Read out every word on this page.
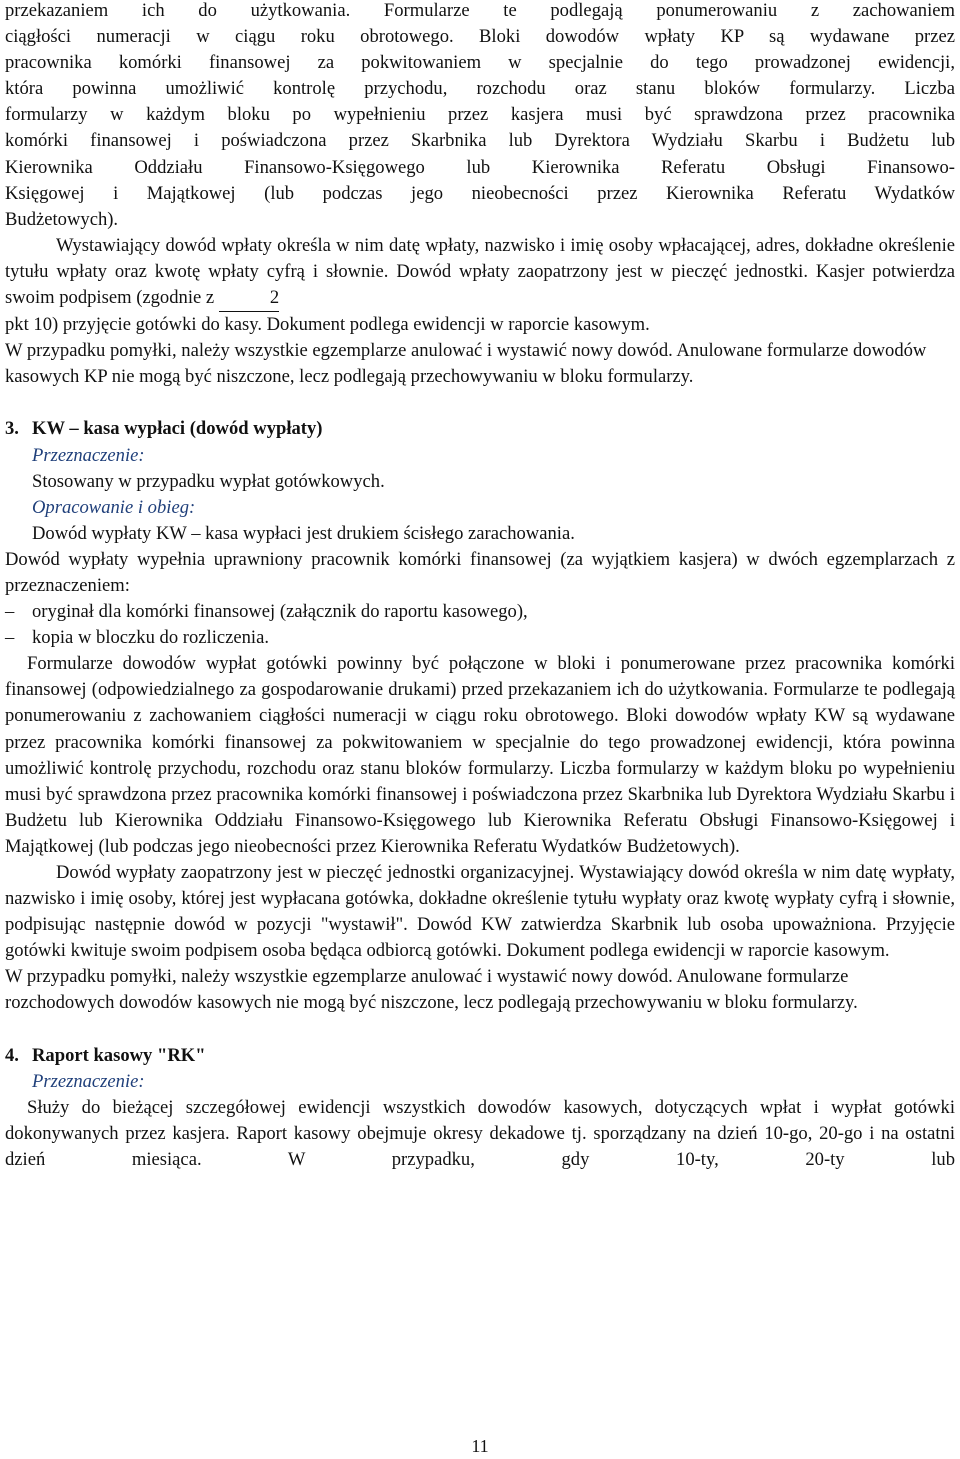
przekazaniem ich do użytkowania. Formularze te podlegają ponumerowaniu z zachowaniem
ciągłości numeracji w ciągu roku obrotowego. Bloki dowodów wpłaty KP są wydawane przez
pracownika komórki finansowej za pokwitowaniem w specjalnie do tego prowadzonej ewidencji,
która powinna umożliwić kontrolę przychodu, rozchodu oraz stanu bloków formularzy. Liczba
formularzy w każdym bloku po wypełnieniu przez kasjera musi być sprawdzona przez pracownika
komórki finansowej i poświadczona przez Skarbnika lub Dyrektora Wydziału Skarbu i Budżetu lub
Kierownika Oddziału Finansowo-Księgowego lub Kierownika Referatu Obsługi Finansowo-
Księgowej i Majątkowej (lub podczas jego nieobecności przez Kierownika Referatu Wydatków
Budżetowych).

Wystawiający dowód wpłaty określa w nim datę wpłaty, nazwisko i imię osoby wpłacającej, adres, dokładne określenie tytułu wpłaty oraz kwotę wpłaty cyfrą i słownie. Dowód wpłaty zaopatrzony jest w pieczęć jednostki. Kasjer potwierdza swoim podpisem (zgodnie z	2
pkt 10) przyjęcie gotówki do kasy. Dokument podlega ewidencji w raporcie kasowym.

W przypadku pomyłki, należy wszystkie egzemplarze anulować i wystawić nowy dowód. Anulowane formularze dowodów kasowych KP nie mogą być niszczone, lecz podlegają przechowywaniu w bloku formularzy.

3. KW – kasa wypłaci (dowód wypłaty)
Przeznaczenie:
Stosowany w przypadku wypłat gotówkowych.
Opracowanie i obieg:
Dowód wypłaty KW – kasa wypłaci jest drukiem ścisłego zarachowania.

Dowód wypłaty wypełnia uprawniony pracownik komórki finansowej (za wyjątkiem kasjera) w dwóch egzemplarzach z przeznaczeniem:

– oryginał dla komórki finansowej (załącznik do raportu kasowego),
– kopia w bloczku do rozliczenia.

Formularze dowodów wypłat gotówki powinny być połączone w bloki i ponumerowane przez pracownika komórki finansowej (odpowiedzialnego za gospodarowanie drukami) przed przekazaniem ich do użytkowania. Formularze te podlegają ponumerowaniu z zachowaniem ciągłości numeracji w ciągu roku obrotowego. Bloki dowodów wpłaty KW są wydawane przez pracownika komórki finansowej za pokwitowaniem w specjalnie do tego prowadzonej ewidencji, która powinna umożliwić kontrolę przychodu, rozchodu oraz stanu bloków formularzy. Liczba formularzy w każdym bloku po wypełnieniu musi być sprawdzona przez pracownika komórki finansowej i poświadczona przez Skarbnika lub Dyrektora Wydziału Skarbu i Budżetu lub Kierownika Oddziału Finansowo-Księgowego lub Kierownika Referatu Obsługi Finansowo-Księgowej i Majątkowej (lub podczas jego nieobecności przez Kierownika Referatu Wydatków Budżetowych).

Dowód wypłaty zaopatrzony jest w pieczęć jednostki organizacyjnej. Wystawiający dowód określa w nim datę wypłaty, nazwisko i imię osoby, której jest wypłacana gotówka, dokładne określenie tytułu wypłaty oraz kwotę wypłaty cyfrą i słownie, podpisując następnie dowód w pozycji "wystawił". Dowód KW zatwierdza Skarbnik lub osoba upoważniona. Przyjęcie gotówki kwituje swoim podpisem osoba będąca odbiorcą gotówki. Dokument podlega ewidencji w raporcie kasowym.

W przypadku pomyłki, należy wszystkie egzemplarze anulować i wystawić nowy dowód. Anulowane formularze rozchodowych dowodów kasowych nie mogą być niszczone, lecz podlegają przechowywaniu w bloku formularzy.

4. Raport kasowy "RK"
Przeznaczenie:

Służy do bieżącej szczegółowej ewidencji wszystkich dowodów kasowych, dotyczących wpłat i wypłat gotówki dokonywanych przez kasjera. Raport kasowy obejmuje okresy dekadowe tj. sporządzany na dzień 10-go, 20-go i na ostatni dzień miesiąca. W przypadku, gdy 10-ty, 20-ty lub

11
